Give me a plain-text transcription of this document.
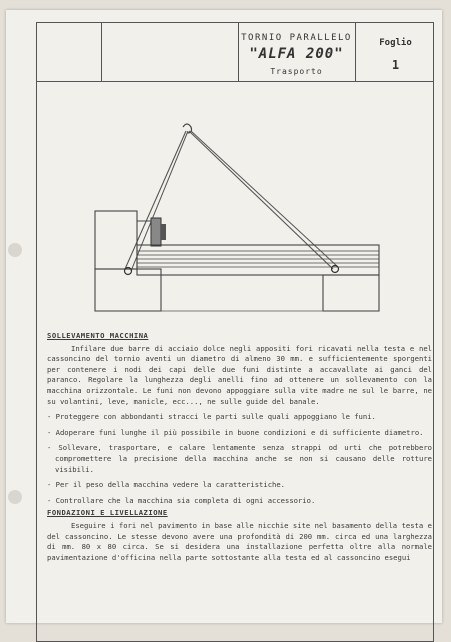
TORNIO PARALLELO
"ALFA 200"
Trasporto
Foglio
1

SOLLEVAMENTO MACCHINA

Infilare due barre di acciaio dolce negli appositi fori ricavati nella testa e nel cassoncino del tornio aventi un diametro di almeno 30 mm. e sufficientemente sporgenti per contenere i nodi dei capi delle due funi distinte a accavallate ai ganci del paranco. Regolare la lunghezza degli anelli fino ad ottenere un sollevamento con la macchina orizzontale. Le funi non devono appoggiare sulla vite madre ne sul le barre, ne su volantini, leve, manicle, ecc..., ne sulle guide del banale.

- Proteggere con abbondanti stracci le parti sulle quali appoggiano le funi.

- Adoperare funi lunghe il più possibile in buone condizioni e di sufficiente diametro.

- Sollevare, trasportare, e calare lentamente senza strappi od urti che potrebbero compromettere la precisione della macchina anche se non si causano delle rotture visibili.

- Per il peso della macchina vedere la caratteristiche.

- Controllare che la macchina sia completa di ogni accessorio.

FONDAZIONI E LIVELLAZIONE

Eseguire i fori nel pavimento in base alle nicchie site nel basamento della testa e del cassoncino. Le stesse devono avere una profondità di 200 mm. circa ed una larghezza di mm. 80 x 80 circa. Se si desidera una installazione perfetta oltre alla normale pavimentazione d'officina nella parte sottostante alla testa ed al cassoncino esegui
